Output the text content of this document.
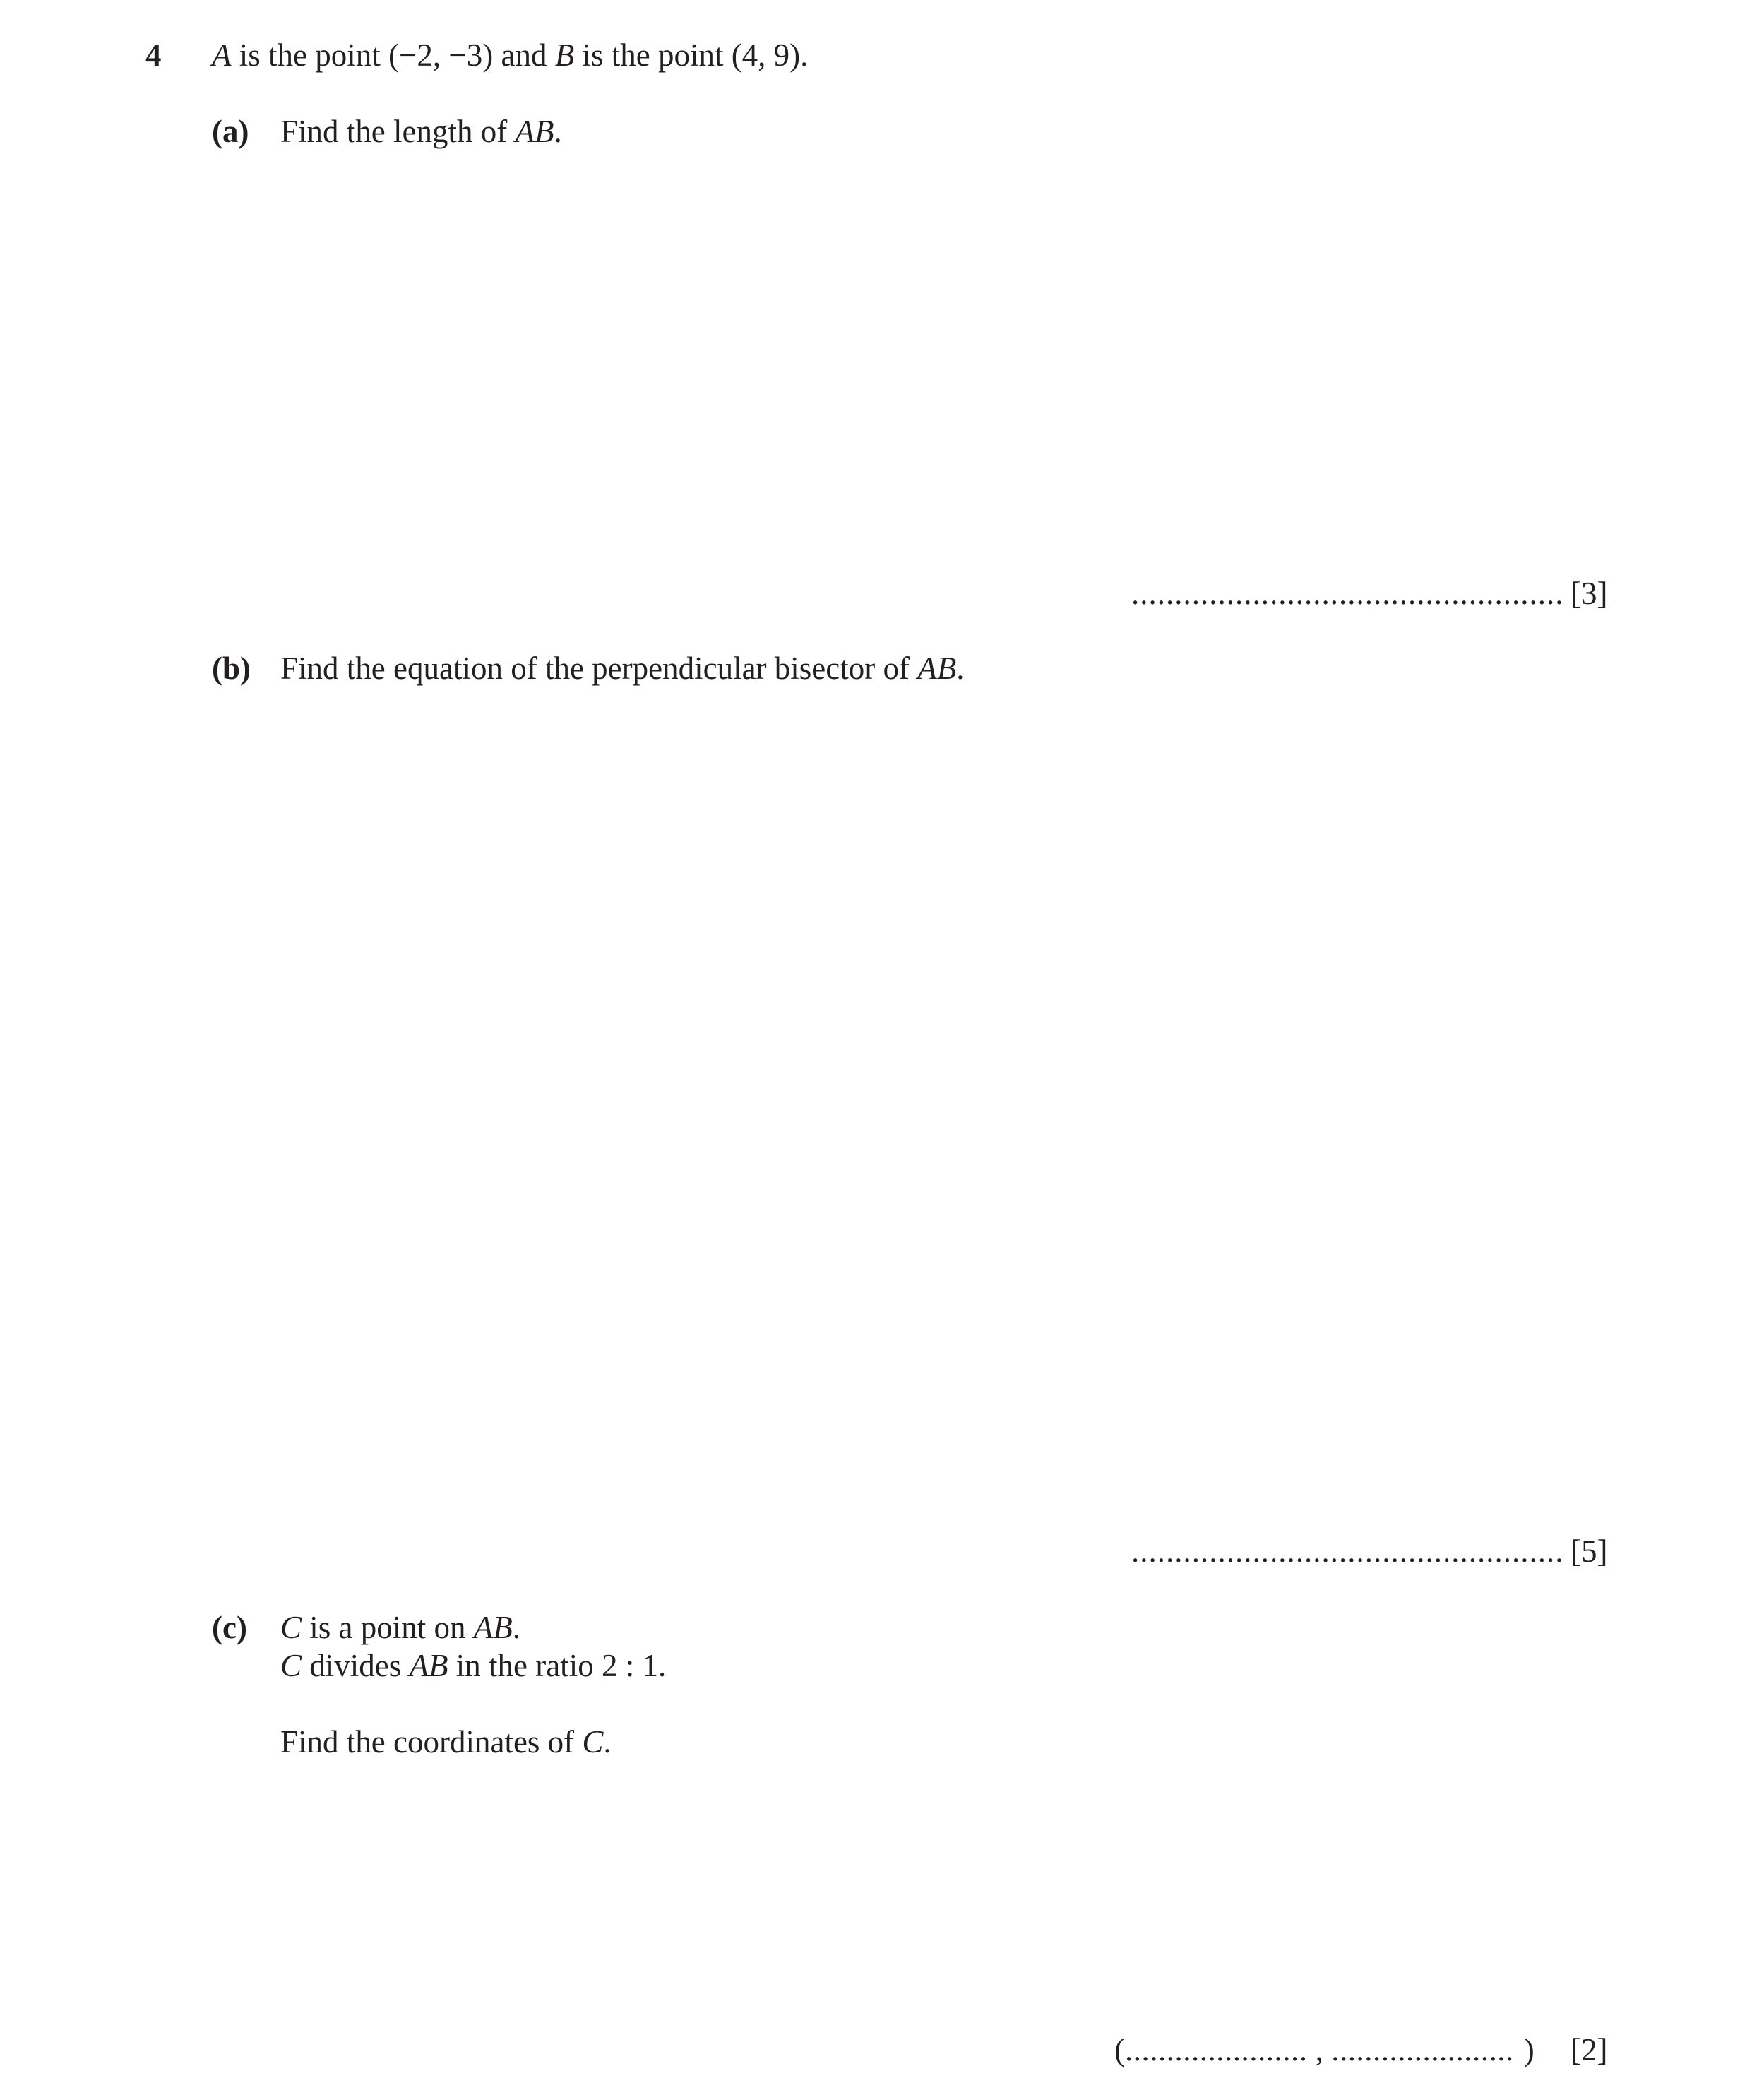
4 A is the point (−2, −3) and B is the point (4, 9).
(a) Find the length of AB.
.................................................. [3]
(b) Find the equation of the perpendicular bisector of AB.
.................................................. [5]
(c) C is a point on AB.
C divides AB in the ratio 2 : 1.
Find the coordinates of C.
( ...................... , ...................... ) [2]
